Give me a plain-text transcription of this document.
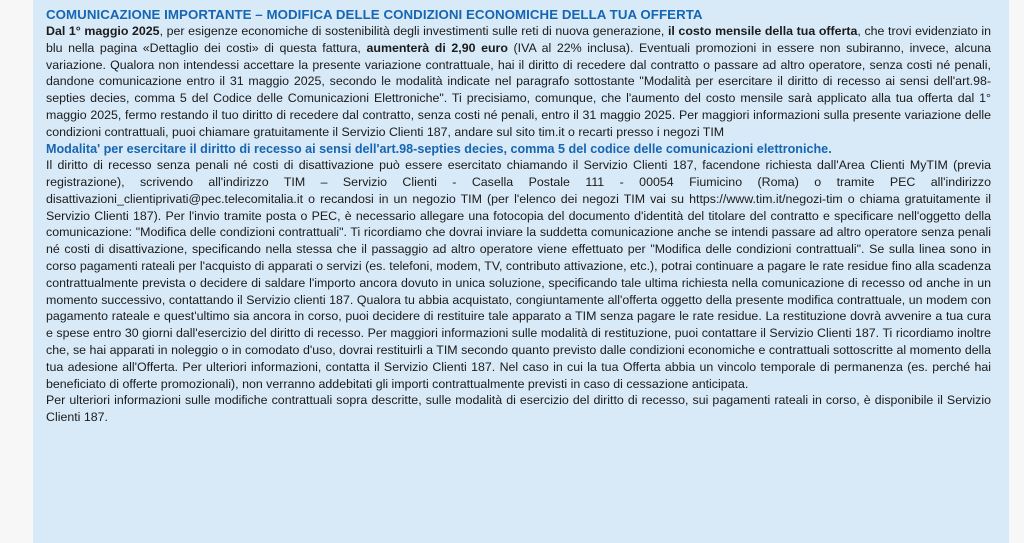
COMUNICAZIONE IMPORTANTE – MODIFICA DELLE CONDIZIONI ECONOMICHE DELLA TUA OFFERTA
Dal 1° maggio 2025, per esigenze economiche di sostenibilità degli investimenti sulle reti di nuova generazione, il costo mensile della tua offerta, che trovi evidenziato in blu nella pagina «Dettaglio dei costi» di questa fattura, aumenterà di 2,90 euro (IVA al 22% inclusa). Eventuali promozioni in essere non subiranno, invece, alcuna variazione. Qualora non intendessi accettare la presente variazione contrattuale, hai il diritto di recedere dal contratto o passare ad altro operatore, senza costi né penali, dandone comunicazione entro il 31 maggio 2025, secondo le modalità indicate nel paragrafo sottostante "Modalità per esercitare il diritto di recesso ai sensi dell'art.98-septies decies, comma 5 del Codice delle Comunicazioni Elettroniche". Ti precisiamo, comunque, che l'aumento del costo mensile sarà applicato alla tua offerta dal 1° maggio 2025, fermo restando il tuo diritto di recedere dal contratto, senza costi né penali, entro il 31 maggio 2025. Per maggiori informazioni sulla presente variazione delle condizioni contrattuali, puoi chiamare gratuitamente il Servizio Clienti 187, andare sul sito tim.it o recarti presso i negozi TIM
Modalita' per esercitare il diritto di recesso ai sensi dell'art.98-septies decies, comma 5 del codice delle comunicazioni elettroniche.
Il diritto di recesso senza penali né costi di disattivazione può essere esercitato chiamando il Servizio Clienti 187, facendone richiesta dall'Area Clienti MyTIM (previa registrazione), scrivendo all'indirizzo TIM – Servizio Clienti - Casella Postale 111 - 00054 Fiumicino (Roma) o tramite PEC all'indirizzo disattivazioni_clientiprivati@pec.telecomitalia.it o recandosi in un negozio TIM (per l'elenco dei negozi TIM vai su https://www.tim.it/negozi-tim o chiama gratuitamente il Servizio Clienti 187). Per l'invio tramite posta o PEC, è necessario allegare una fotocopia del documento d'identità del titolare del contratto e specificare nell'oggetto della comunicazione: "Modifica delle condizioni contrattuali". Ti ricordiamo che dovrai inviare la suddetta comunicazione anche se intendi passare ad altro operatore senza penali né costi di disattivazione, specificando nella stessa che il passaggio ad altro operatore viene effettuato per "Modifica delle condizioni contrattuali". Se sulla linea sono in corso pagamenti rateali per l'acquisto di apparati o servizi (es. telefoni, modem, TV, contributo attivazione, etc.), potrai continuare a pagare le rate residue fino alla scadenza contrattualmente prevista o decidere di saldare l'importo ancora dovuto in unica soluzione, specificando tale ultima richiesta nella comunicazione di recesso od anche in un momento successivo, contattando il Servizio clienti 187. Qualora tu abbia acquistato, congiuntamente all'offerta oggetto della presente modifica contrattuale, un modem con pagamento rateale e quest'ultimo sia ancora in corso, puoi decidere di restituire tale apparato a TIM senza pagare le rate residue. La restituzione dovrà avvenire a tua cura e spese entro 30 giorni dall'esercizio del diritto di recesso. Per maggiori informazioni sulle modalità di restituzione, puoi contattare il Servizio Clienti 187. Ti ricordiamo inoltre che, se hai apparati in noleggio o in comodato d'uso, dovrai restituirli a TIM secondo quanto previsto dalle condizioni economiche e contrattuali sottoscritte al momento della tua adesione all'Offerta. Per ulteriori informazioni, contatta il Servizio Clienti 187. Nel caso in cui la tua Offerta abbia un vincolo temporale di permanenza (es. perché hai beneficiato di offerte promozionali), non verranno addebitati gli importi contrattualmente previsti in caso di cessazione anticipata.
Per ulteriori informazioni sulle modifiche contrattuali sopra descritte, sulle modalità di esercizio del diritto di recesso, sui pagamenti rateali in corso, è disponibile il Servizio Clienti 187.
